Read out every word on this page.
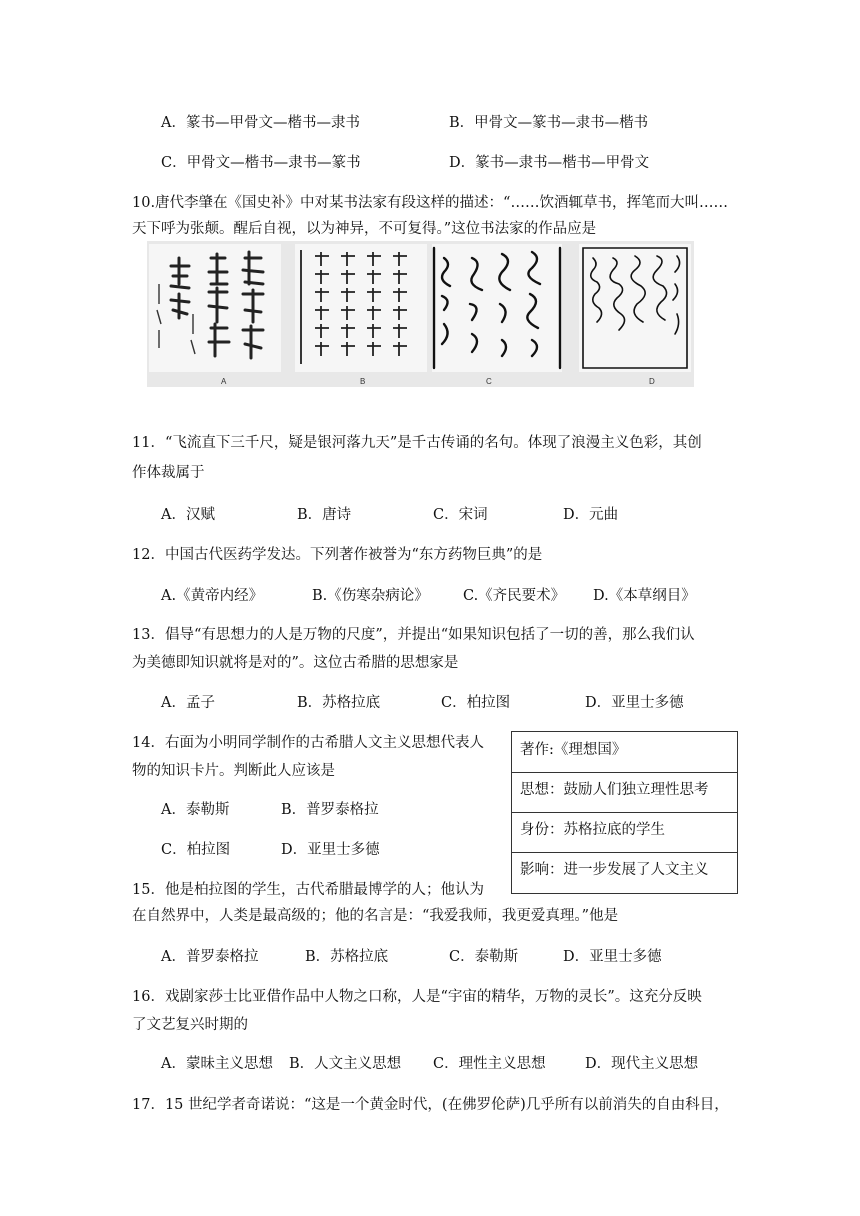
A．篆书—甲骨文—楷书—隶书	B．甲骨文—篆书—隶书—楷书
C．甲骨文—楷书—隶书—篆书	D．篆书—隶书—楷书—甲骨文
10.唐代李肇在《国史补》中对某书法家有段这样的描述：“……饮酒辄草书，挥笔而大叫……
天下呼为张颠。醒后自视，以为神异，不可复得。”这位书法家的作品应是
A	B	C	D
11．“飞流直下三千尺，疑是银河落九天”是千古传诵的名句。体现了浪漫主义色彩，其创
作体裁属于
A．汉赋	B．唐诗	C．宋词	D．元曲
12．中国古代医药学发达。下列著作被誉为“东方药物巨典”的是
A.《黄帝内经》	B.《伤寒杂病论》 C.《齐民要术》 D.《本草纲目》
13．倡导“有思想力的人是万物的尺度”，并提出“如果知识包括了一切的善，那么我们认
为美德即知识就将是对的”。这位古希腊的思想家是
A．孟子	B．苏格拉底	C．柏拉图	D．亚里士多德
14．右面为小明同学制作的古希腊人文主义思想代表人
物的知识卡片。判断此人应该是
A．泰勒斯	B．普罗泰格拉
C．柏拉图	D．亚里士多德
著作:《理想国》
思想：鼓励人们独立理性思考
身份：苏格拉底的学生
影响：进一步发展了人文主义
15．他是柏拉图的学生，古代希腊最博学的人；他认为
在自然界中，人类是最高级的；他的名言是：“我爱我师，我更爱真理。”他是
A．普罗泰格拉	B．苏格拉底	C．泰勒斯	D．亚里士多德
16．戏剧家莎士比亚借作品中人物之口称，人是“宇宙的精华，万物的灵长”。这充分反映
了文艺复兴时期的
A．蒙昧主义思想 B．人文主义思想 C．理性主义思想	D．现代主义思想
17．15 世纪学者奇诺说：“这是一个黄金时代，(在佛罗伦萨)几乎所有以前消失的自由科目，
